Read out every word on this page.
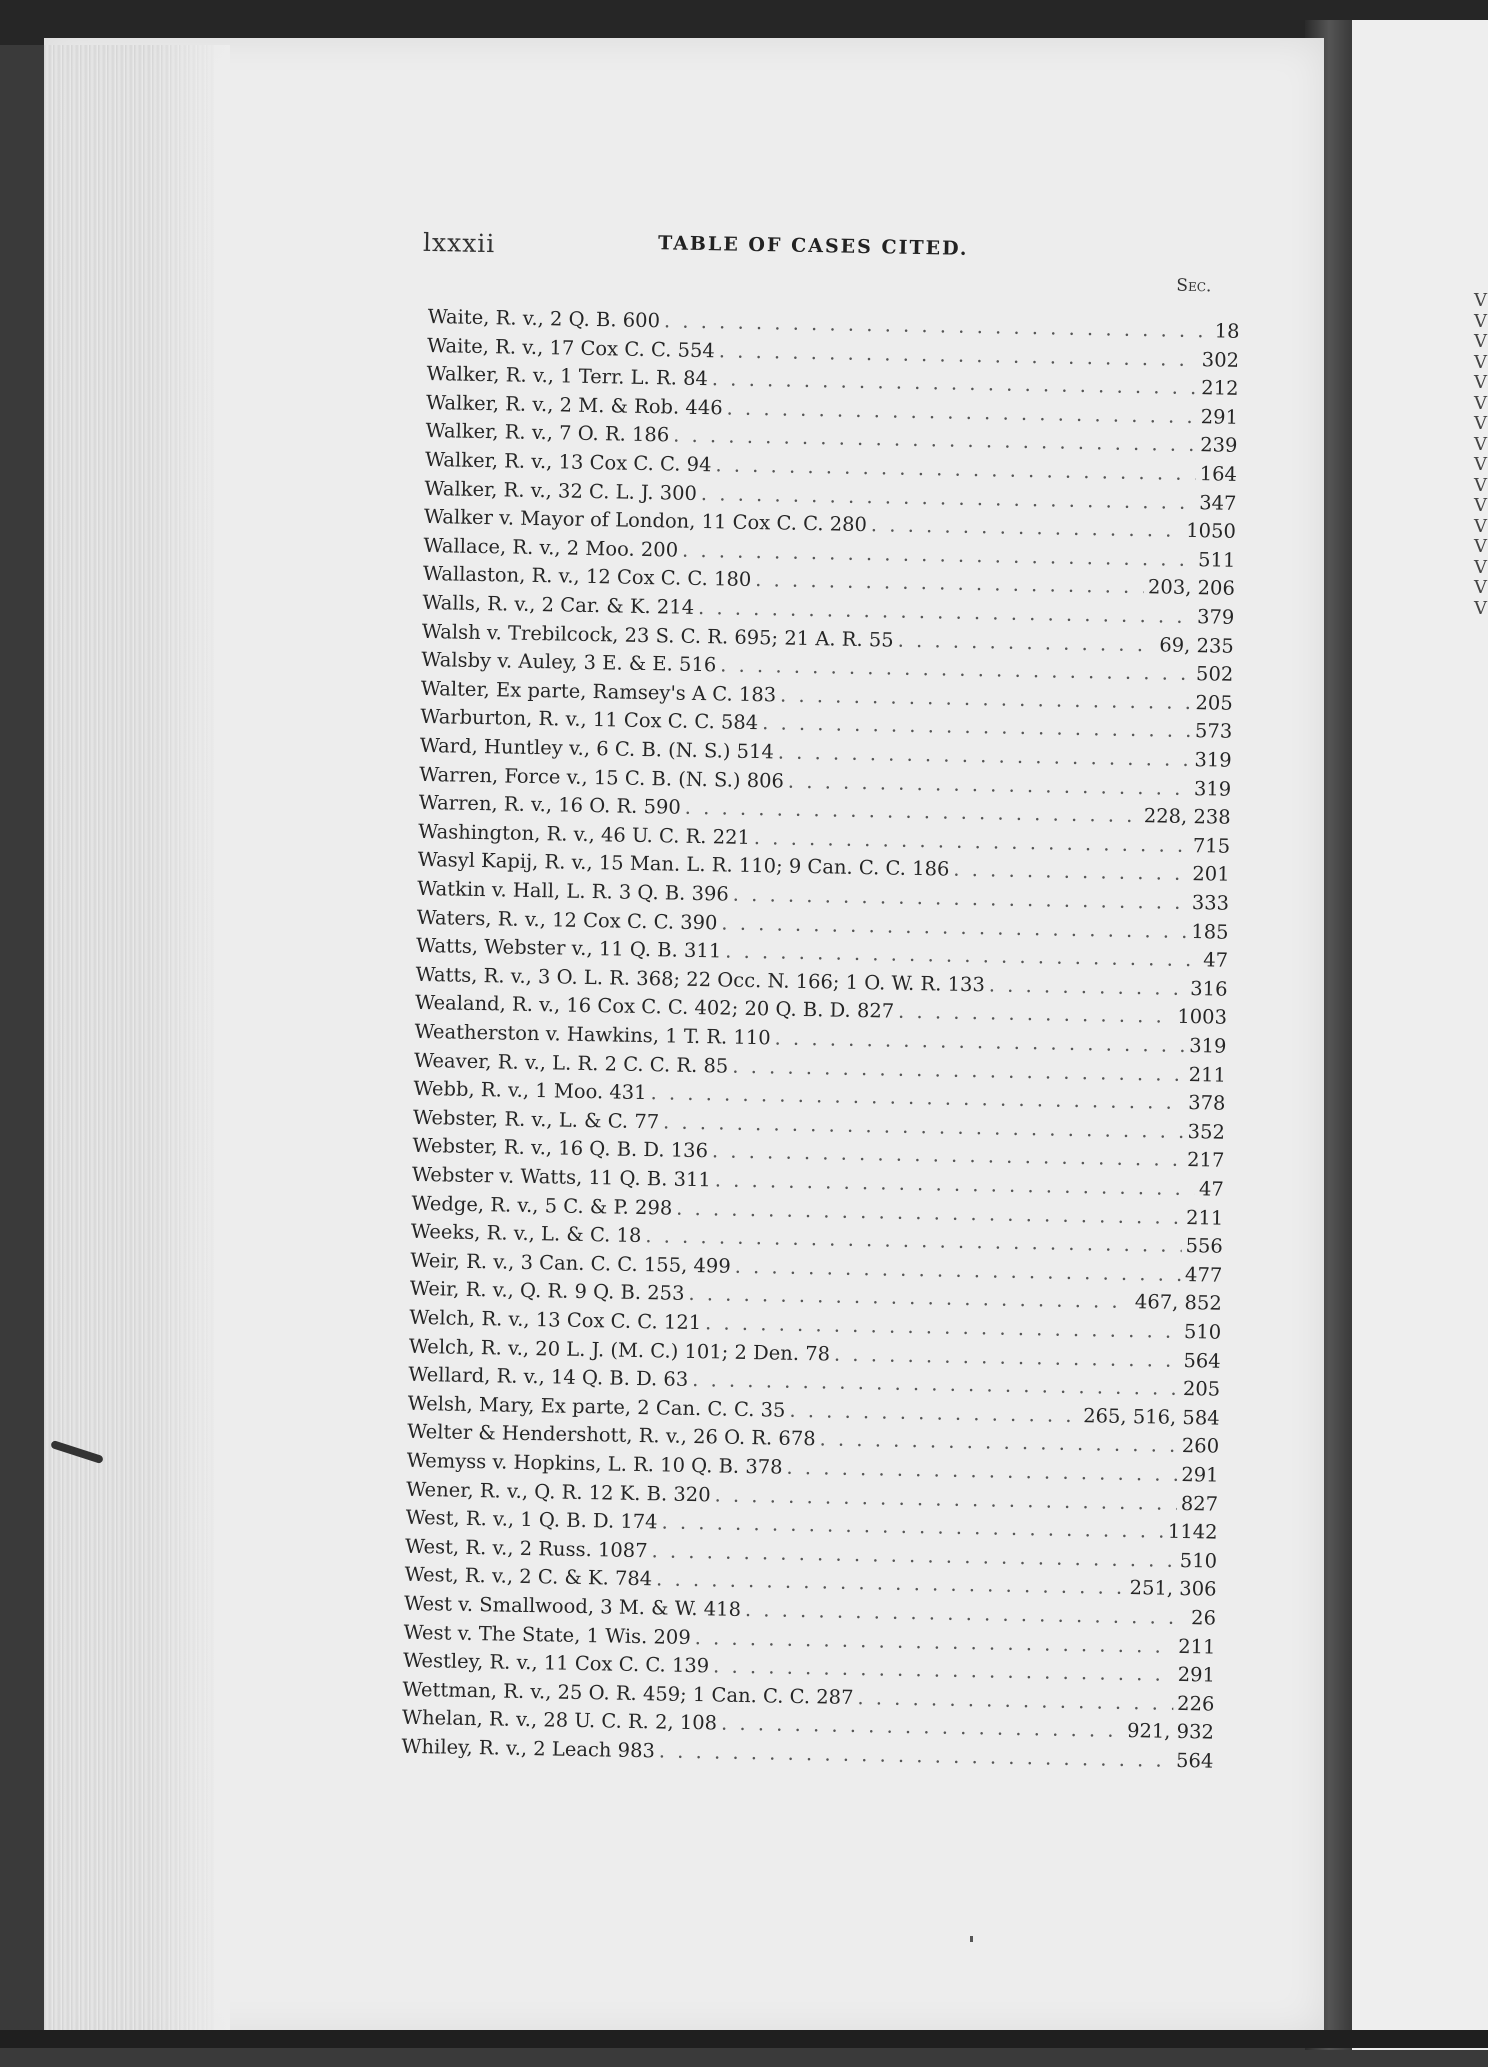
V
V
V
V
V
V
V
V
V
V
V
V
V
V
V
V
lxxxii	TABLE OF CASES CITED.
Sec.
Waite, R. v., 2 Q. B. 600 . . .	18
Waite, R. v., 17 Cox C. C. 554 . . .	302
Walker, R. v., 1 Terr. L. R. 84 . . .	212
Walker, R. v., 2 M. & Rob. 446 . . .	291
Walker, R. v., 7 O. R. 186 . . .	239
Walker, R. v., 13 Cox C. C. 94 . . .	164
Walker, R. v., 32 C. L. J. 300 . . .	347
Walker v. Mayor of London, 11 Cox C. C. 280 . . .	1050
Wallace, R. v., 2 Moo. 200 . . .	511
Wallaston, R. v., 12 Cox C. C. 180 . . .	203, 206
Walls, R. v., 2 Car. & K. 214 . . .	379
Walsh v. Trebilcock, 23 S. C. R. 695; 21 A. R. 55 . . .	69, 235
Walsby v. Auley, 3 E. & E. 516 . . .	502
Walter, Ex parte, Ramsey's A C. 183 . . .	205
Warburton, R. v., 11 Cox C. C. 584 . . .	573
Ward, Huntley v., 6 C. B. (N. S.) 514 . . .	319
Warren, Force v., 15 C. B. (N. S.) 806 . . .	319
Warren, R. v., 16 O. R. 590 . . .	228, 238
Washington, R. v., 46 U. C. R. 221 . . .	715
Wasyl Kapij, R. v., 15 Man. L. R. 110; 9 Can. C. C. 186 . . .	201
Watkin v. Hall, L. R. 3 Q. B. 396 . . .	333
Waters, R. v., 12 Cox C. C. 390 . . .	185
Watts, Webster v., 11 Q. B. 311 . . .	47
Watts, R. v., 3 O. L. R. 368; 22 Occ. N. 166; 1 O. W. R. 133 . . .	316
Wealand, R. v., 16 Cox C. C. 402; 20 Q. B. D. 827 . . .	1003
Weatherston v. Hawkins, 1 T. R. 110 . . .	319
Weaver, R. v., L. R. 2 C. C. R. 85 . . .	211
Webb, R. v., 1 Moo. 431 . . .	378
Webster, R. v., L. & C. 77 . . .	352
Webster, R. v., 16 Q. B. D. 136 . . .	217
Webster v. Watts, 11 Q. B. 311 . . .	47
Wedge, R. v., 5 C. & P. 298 . . .	211
Weeks, R. v., L. & C. 18 . . .	556
Weir, R. v., 3 Can. C. C. 155, 499 . . .	477
Weir, R. v., Q. R. 9 Q. B. 253 . . .	467, 852
Welch, R. v., 13 Cox C. C. 121 . . .	510
Welch, R. v., 20 L. J. (M. C.) 101; 2 Den. 78 . . .	564
Wellard, R. v., 14 Q. B. D. 63 . . .	205
Welsh, Mary, Ex parte, 2 Can. C. C. 35 . . .	265, 516, 584
Welter & Hendershott, R. v., 26 O. R. 678 . . .	260
Wemyss v. Hopkins, L. R. 10 Q. B. 378 . . .	291
Wener, R. v., Q. R. 12 K. B. 320 . . .	827
West, R. v., 1 Q. B. D. 174 . . .	1142
West, R. v., 2 Russ. 1087 . . .	510
West, R. v., 2 C. & K. 784 . . .	251, 306
West v. Smallwood, 3 M. & W. 418 . . .	26
West v. The State, 1 Wis. 209 . . .	211
Westley, R. v., 11 Cox C. C. 139 . . .	291
Wettman, R. v., 25 O. R. 459; 1 Can. C. C. 287 . . .	226
Whelan, R. v., 28 U. C. R. 2, 108 . . .	921, 932
Whiley, R. v., 2 Leach 983 . . .	564
